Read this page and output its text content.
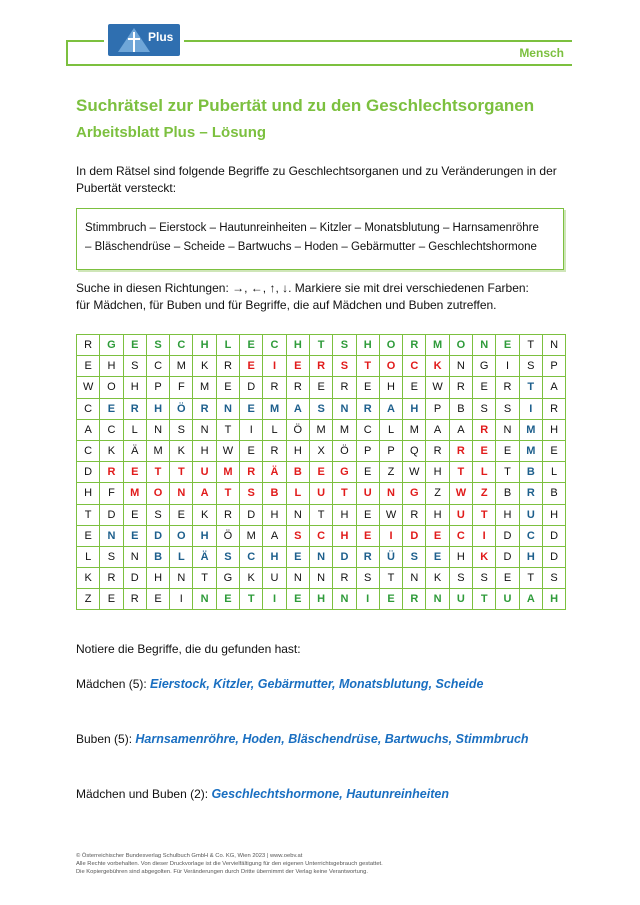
Plus
Mensch
Suchrätsel zur Pubertät und zu den Geschlechtsorganen
Arbeitsblatt Plus – Lösung
In dem Rätsel sind folgende Begriffe zu Geschlechtsorganen und zu Veränderungen in der Pubertät versteckt:
Stimmbruch – Eierstock – Hautunreinheiten – Kitzler – Monatsblutung – Harnsamenröhre
– Bläschendrüse – Scheide – Bartwuchs – Hoden – Gebärmutter – Geschlechtshormone
Suche in diesen Richtungen: →, ←, ↑, ↓. Markiere sie mit drei verschiedenen Farben:
für Mädchen, für Buben und für Begriffe, die auf Mädchen und Buben zutreffen.
R	G	E	S	C	H	L	E	C	H	T	S	H	O	R	M	O	N	E	T	N
E	H	S	C	M	K	R	E	I	E	R	S	T	O	C	K	N	G	I	S	P
W	O	H	P	F	M	E	D	R	R	E	R	E	H	E	W	R	E	R	T	A
C	E	R	H	Ö	R	N	E	M	A	S	N	R	A	H	P	B	S	S	I	R
A	C	L	N	S	N	T	I	L	Ö	M	M	C	L	M	A	A	R	N	M	H
C	K	Ä	M	K	H	W	E	R	H	X	Ö	P	P	Q	R	R	E	E	M	E
D	R	E	T	T	U	M	R	Ä	B	E	G	E	Z	W	H	T	L	T	B	L
H	F	M	O	N	A	T	S	B	L	U	T	U	N	G	Z	W	Z	B	R	B
T	D	E	S	E	K	R	D	H	N	T	H	E	W	R	H	U	T	H	U	H
E	N	E	D	O	H	Ö	M	A	S	C	H	E	I	D	E	C	I	D	C	D
L	S	N	B	L	Ä	S	C	H	E	N	D	R	Ü	S	E	H	K	D	H	D
K	R	D	H	N	T	G	K	U	N	N	R	S	T	N	K	S	S	E	T	S
Z	E	R	E	I	N	E	T	I	E	H	N	I	E	R	N	U	T	U	A	H
Notiere die Begriffe, die du gefunden hast:
Mädchen (5): Eierstock, Kitzler, Gebärmutter, Monatsblutung, Scheide
Buben (5): Harnsamenröhre, Hoden, Bläschendrüse, Bartwuchs, Stimmbruch
Mädchen und Buben (2): Geschlechtshormone, Hautunreinheiten
© Österreichischer Bundesverlag Schulbuch GmbH & Co. KG, Wien 2023 | www.oebv.at
Alle Rechte vorbehalten. Von dieser Druckvorlage ist die Vervielfältigung für den eigenen Unterrichtsgebrauch gestattet.
Die Kopiergebühren sind abgegolten. Für Veränderungen durch Dritte übernimmt der Verlag keine Verantwortung.
